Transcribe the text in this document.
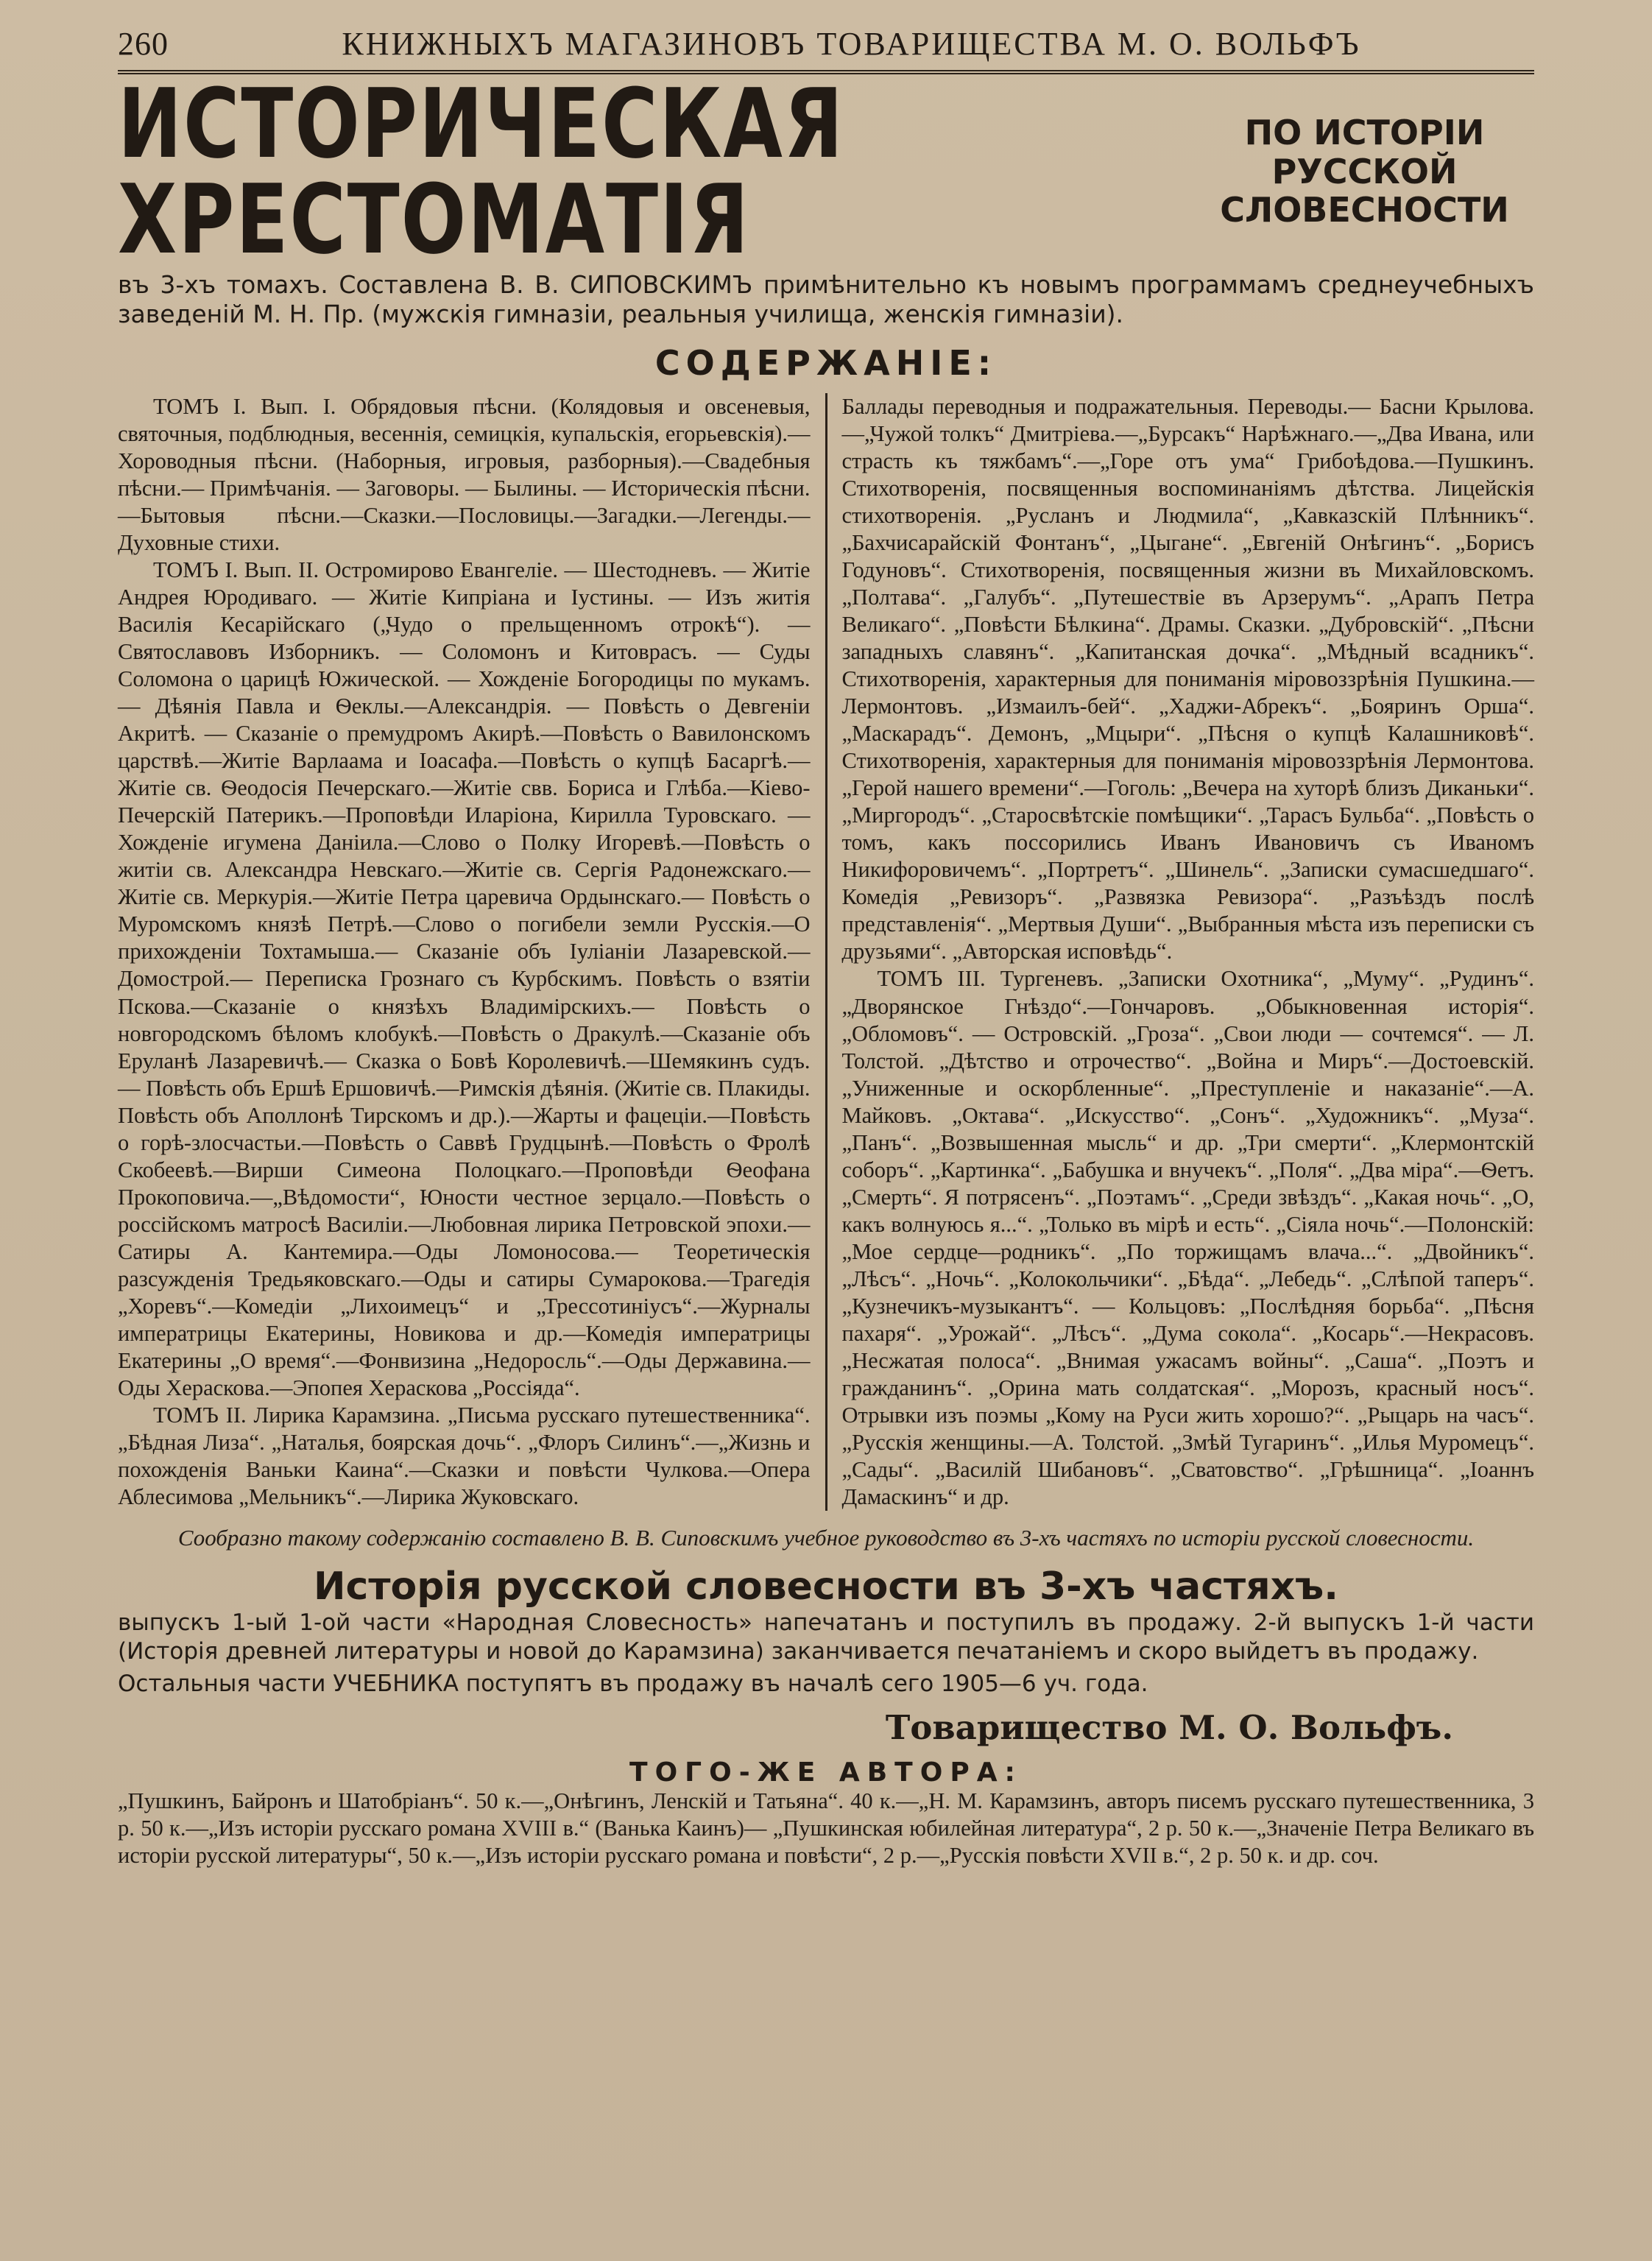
260	КНИЖНЫХЪ МАГАЗИНОВЪ ТОВАРИЩЕСТВА М. О. ВОЛЬФЪ
ИСТОРИЧЕСКАЯ ХРЕСТОМАТІЯ
ПО ИСТОРІИ РУССКОЙ
СЛОВЕСНОСТИ
въ 3-хъ томахъ. Составлена В. В. СИПОВСКИМЪ примѣнительно къ новымъ программамъ среднеучебныхъ заведеній М. Н. Пр. (мужскія гимназіи, реальныя училища, женскія гимназіи).
СОДЕРЖАНІЕ:

ТОМЪ I. Вып. I. Обрядовыя пѣсни. (Колядовыя и овсеневыя, святочныя, подблюдныя, весеннія, семицкія, купальскія, егорьевскія).—Хороводныя пѣсни. (Наборныя, игровыя, разборныя).—Свадебныя пѣсни.— Примѣчанія. — Заговоры. — Былины. — Историческія пѣсни.—Бытовыя пѣсни.—Сказки.—Пословицы.—Загадки.—Легенды.—Духовные стихи.

ТОМЪ I. Вып. II. Остромирово Евангеліе. — Шестодневъ. — Житіе Андрея Юродиваго. — Житіе Кипріана и Іустины. — Изъ житія Василія Кесарійскаго („Чудо о прельщенномъ отрокѣ“). — Святославовъ Изборникъ. — Соломонъ и Китоврасъ. — Суды Соломона о царицѣ Южической. — Хожденіе Богородицы по мукамъ. — Дѣянія Павла и Ѳеклы.—Александрія. — Повѣсть о Девгеніи Акритѣ. — Сказаніе о премудромъ Акирѣ.—Повѣсть о Вавилонскомъ царствѣ.—Житіе Варлаама и Іоасафа.—Повѣсть о купцѣ Басаргѣ.—Житіе св. Ѳеодосія Печерскаго.—Житіе свв. Бориса и Глѣба.—Кіево-Печерскій Патерикъ.—Проповѣди Иларіона, Кирилла Туровскаго. — Хожденіе игумена Даніила.—Слово о Полку Игоревѣ.—Повѣсть о житіи св. Александра Невскаго.—Житіе св. Сергія Радонежскаго.—Житіе св. Меркурія.—Житіе Петра царевича Ордынскаго.— Повѣсть о Муромскомъ князѣ Петрѣ.—Слово о погибели земли Русскія.—О прихожденіи Тохтамыша.— Сказаніе объ Іуліаніи Лазаревской.—Домострой.— Переписка Грознаго съ Курбскимъ. Повѣсть о взятіи Пскова.—Сказаніе о князѣхъ Владимірскихъ.— Повѣсть о новгородскомъ бѣломъ клобукѣ.—Повѣсть о Дракулѣ.—Сказаніе объ Еруланѣ Лазаревичѣ.— Сказка о Бовѣ Королевичѣ.—Шемякинъ судъ. — Повѣсть объ Ершѣ Ершовичѣ.—Римскія дѣянія. (Житіе св. Плакиды. Повѣсть объ Аполлонѣ Тирскомъ и др.).—Жарты и фацеціи.—Повѣсть о горѣ-злосчастьи.—Повѣсть о Саввѣ Грудцынѣ.—Повѣсть о Фролѣ Скобеевѣ.—Вирши Симеона Полоцкаго.—Проповѣди Ѳеофана Прокоповича.—„Вѣдомости“, Юности честное зерцало.—Повѣсть о россійскомъ матросѣ Василіи.—Любовная лирика Петровской эпохи.—Сатиры А. Кантемира.—Оды Ломоносова.— Теоретическія разсужденія Тредьяковскаго.—Оды и сатиры Сумарокова.—Трагедія „Хоревъ“.—Комедіи „Лихоимецъ“ и „Трессотиніусъ“.—Журналы императрицы Екатерины, Новикова и др.—Комедія императрицы Екатерины „О время“.—Фонвизина „Недоросль“.—Оды Державина.—Оды Хераскова.—Эпопея Хераскова „Россіяда“.

ТОМЪ II. Лирика Карамзина. „Письма русскаго путешественника“. „Бѣдная Лиза“. „Наталья, боярская дочь“. „Флоръ Силинъ“.—„Жизнь и похожденія Ваньки Каина“.—Сказки и повѣсти Чулкова.—Опера Аблесимова „Мельникъ“.—Лирика Жуковскаго.

Баллады переводныя и подражательныя. Переводы.— Басни Крылова.—„Чужой толкъ“ Дмитріева.—„Бурсакъ“ Нарѣжнаго.—„Два Ивана, или страсть къ тяжбамъ“.—„Горе отъ ума“ Грибоѣдова.—Пушкинъ. Стихотворенія, посвященныя воспоминаніямъ дѣтства. Лицейскія стихотворенія. „Русланъ и Людмила“, „Кавказскій Плѣнникъ“. „Бахчисарайскій Фонтанъ“, „Цыгане“. „Евгеній Онѣгинъ“. „Борисъ Годуновъ“. Стихотворенія, посвященныя жизни въ Михайловскомъ. „Полтава“. „Галубъ“. „Путешествіе въ Арзерумъ“. „Арапъ Петра Великаго“. „Повѣсти Бѣлкина“. Драмы. Сказки. „Дубровскій“. „Пѣсни западныхъ славянъ“. „Капитанская дочка“. „Мѣдный всадникъ“. Стихотворенія, характерныя для пониманія міровоззрѣнія Пушкина.—Лермонтовъ. „Измаилъ-бей“. „Хаджи-Абрекъ“. „Бояринъ Орша“. „Маскарадъ“. Демонъ, „Мцыри“. „Пѣсня о купцѣ Калашниковѣ“. Стихотворенія, характерныя для пониманія міровоззрѣнія Лермонтова. „Герой нашего времени“.—Гоголь: „Вечера на хуторѣ близъ Диканьки“. „Миргородъ“. „Старосвѣтскіе помѣщики“. „Тарасъ Бульба“. „Повѣсть о томъ, какъ поссорились Иванъ Ивановичъ съ Иваномъ Никифоровичемъ“. „Портретъ“. „Шинель“. „Записки сумасшедшаго“. Комедія „Ревизоръ“. „Развязка Ревизора“. „Разъѣздъ послѣ представленія“. „Мертвыя Души“. „Выбранныя мѣста изъ переписки съ друзьями“. „Авторская исповѣдь“.

ТОМЪ III. Тургеневъ. „Записки Охотника“, „Муму“. „Рудинъ“. „Дворянское Гнѣздо“.—Гончаровъ. „Обыкновенная исторія“. „Обломовъ“. — Островскій. „Гроза“. „Свои люди — сочтемся“. — Л. Толстой. „Дѣтство и отрочество“. „Война и Миръ“.—Достоевскій. „Униженные и оскорбленные“. „Преступленіе и наказаніе“.—А. Майковъ. „Октава“. „Искусство“. „Сонъ“. „Художникъ“. „Муза“. „Панъ“. „Возвышенная мысль“ и др. „Три смерти“. „Клермонтскій соборъ“. „Картинка“. „Бабушка и внучекъ“. „Поля“. „Два міра“.—Ѳетъ. „Смерть“. Я потрясенъ“. „Поэтамъ“. „Среди звѣздъ“. „Какая ночь“. „О, какъ волнуюсь я...“. „Только въ мірѣ и есть“. „Сіяла ночь“.—Полонскій: „Мое сердце—родникъ“. „По торжищамъ влача...“. „Двойникъ“. „Лѣсъ“. „Ночь“. „Колокольчики“. „Бѣда“. „Лебедь“. „Слѣпой таперъ“. „Кузнечикъ-музыкантъ“. — Кольцовъ: „Послѣдняя борьба“. „Пѣсня пахаря“. „Урожай“. „Лѣсъ“. „Дума сокола“. „Косарь“.—Некрасовъ. „Несжатая полоса“. „Внимая ужасамъ войны“. „Саша“. „Поэтъ и гражданинъ“. „Орина мать солдатская“. „Морозъ, красный носъ“. Отрывки изъ поэмы „Кому на Руси жить хорошо?“. „Рыцарь на часъ“. „Русскія женщины.—А. Толстой. „Змѣй Тугаринъ“. „Илья Муромецъ“. „Сады“. „Василій Шибановъ“. „Сватовство“. „Грѣшница“. „Іоаннъ Дамаскинъ“ и др.

Сообразно такому содержанію составлено В. В. Сиповскимъ учебное руководство въ 3-хъ частяхъ по исторіи русской словесности.
Исторія русской словесности въ 3-хъ частяхъ.
выпускъ 1-ый 1-ой части «Народная Словесность» напечатанъ и поступилъ въ продажу. 2-й выпускъ 1-й части (Исторія древней литературы и новой до Карамзина) заканчивается печатаніемъ и скоро выйдетъ въ продажу.
Остальныя части УЧЕБНИКА поступятъ въ продажу въ началѣ сего 1905—6 уч. года.
Товарищество М. О. Вольфъ.
ТОГО-ЖЕ АВТОРА:
„Пушкинъ, Байронъ и Шатобріанъ“. 50 к.—„Онѣгинъ, Ленскій и Татьяна“. 40 к.—„Н. М. Карамзинъ, авторъ писемъ русскаго путешественника, 3 р. 50 к.—„Изъ исторіи русскаго романа XVIII в.“ (Ванька Каинъ)— „Пушкинская юбилейная литература“, 2 р. 50 к.—„Значеніе Петра Великаго въ исторіи русской литературы“, 50 к.—„Изъ исторіи русскаго романа и повѣсти“, 2 р.—„Русскія повѣсти XVII в.“, 2 р. 50 к. и др. соч.
